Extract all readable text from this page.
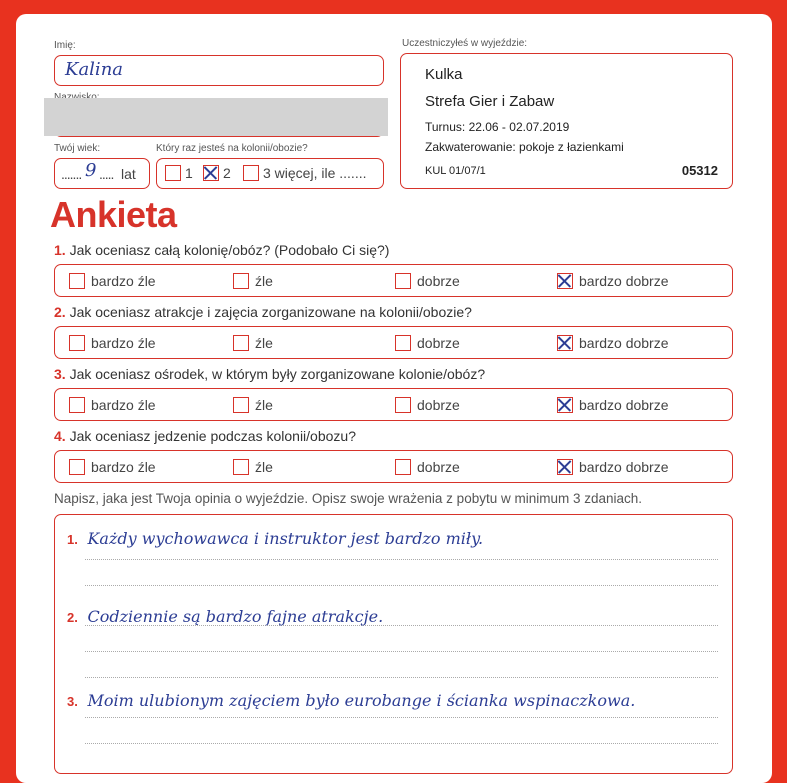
Imię:
Kalina
Twój wiek:
....... 9 ..... lat
Który raz jesteś na kolonii/obozie?
1 2 3 więcej, ile .......
Uczestniczyłeś w wyjeździe:
Kulka
Strefa Gier i Zabaw
Turnus: 22.06 - 02.07.2019
Zakwaterowanie: pokoje z łazienkami
KUL 01/07/1	05312
Ankieta
1. Jak oceniasz całą kolonię/obóz? (Podobało Ci się?)
bardzo źle	źle	dobrze	bardzo dobrze
2. Jak oceniasz atrakcje i zajęcia zorganizowane na kolonii/obozie?
bardzo źle	źle	dobrze	bardzo dobrze
3. Jak oceniasz ośrodek, w którym były zorganizowane kolonie/obóz?
bardzo źle	źle	dobrze	bardzo dobrze
4. Jak oceniasz jedzenie podczas kolonii/obozu?
bardzo źle	źle	dobrze	bardzo dobrze
Napisz, jaka jest Twoja opinia o wyjeździe. Opisz swoje wrażenia z pobytu w minimum 3 zdaniach.
1. Każdy wychowawca i instruktor jest bardzo miły.
2. Codziennie są bardzo fajne atrakcje.
3. Moim ulubionym zajęciem było eurobange i ścianka wspinaczkowa.
